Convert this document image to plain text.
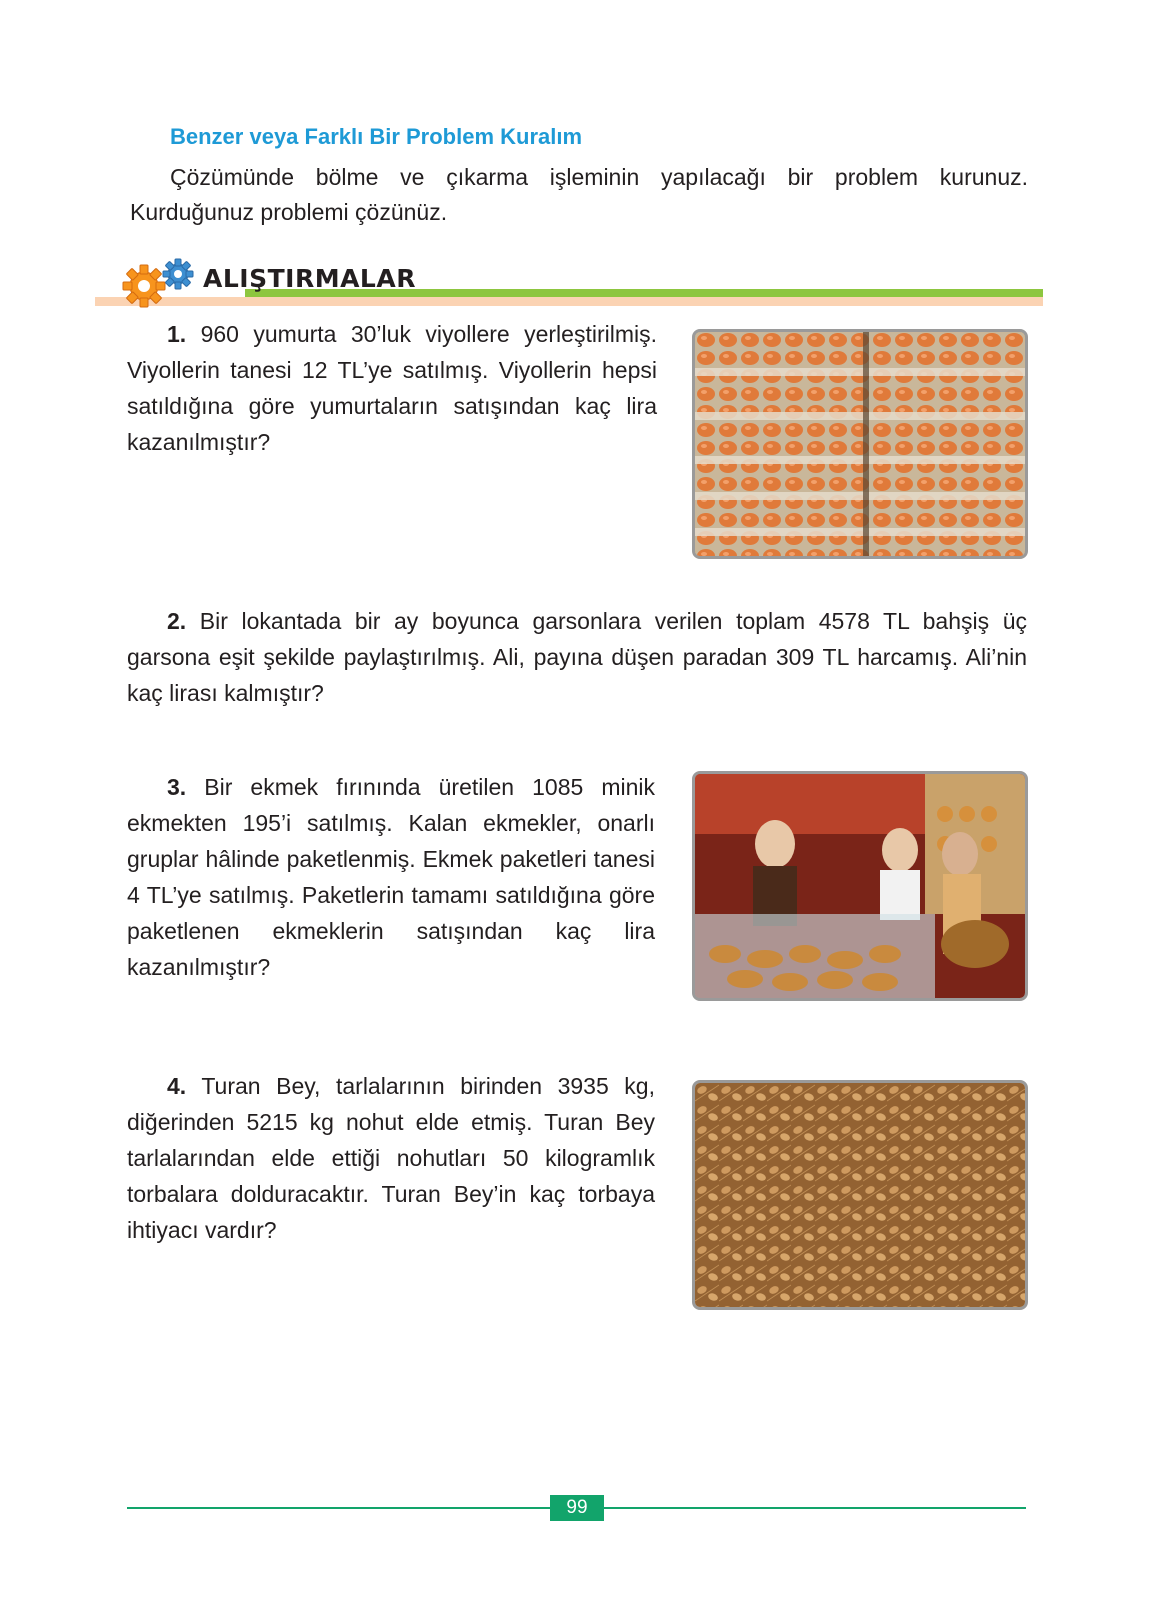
Benzer veya Farklı Bir Problem Kuralım

Çözümünde bölme ve çıkarma işleminin yapılacağı bir problem kurunuz. Kurduğunuz problemi çözünüz.

ALIŞTIRMALAR

1. 960 yumurta 30’luk viyollere yerleştirilmiş. Viyollerin tanesi 12 TL’ye satılmış. Viyollerin hepsi satıldığına göre yumurtaların satışından kaç lira kazanılmıştır?

2. Bir lokantada bir ay boyunca garsonlara verilen toplam 4578 TL bahşiş üç garsona eşit şekilde paylaştırılmış. Ali, payına düşen paradan 309 TL harcamış. Ali’nin kaç lirası kalmıştır?

3. Bir ekmek fırınında üretilen 1085 minik ekmekten 195’i satılmış. Kalan ekmekler, onarlı gruplar hâlinde paketlenmiş. Ekmek paketleri tanesi 4 TL’ye satılmış. Paketlerin tamamı satıldığına göre paketlenen ekmeklerin satışından kaç lira kazanılmıştır?

4. Turan Bey, tarlalarının birinden 3935 kg, diğerinden 5215 kg nohut elde etmiş. Turan Bey tarlalarından elde ettiği nohutları 50 kilogramlık torbalara dolduracaktır. Turan Bey’in kaç torbaya ihtiyacı vardır?

99
